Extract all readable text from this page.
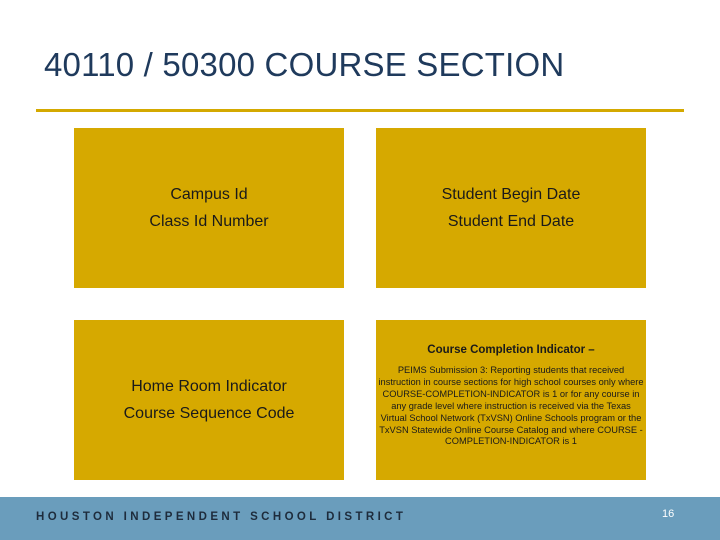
40110 / 50300 COURSE SECTION
Campus Id
Class Id Number
Student Begin Date
Student End Date
Home Room Indicator
Course Sequence Code
Course Completion Indicator –
PEIMS Submission 3: Reporting students that received instruction in course sections for high school courses only where COURSE-COMPLETION-INDICATOR is 1 or for any course in any grade level where instruction is received via the Texas Virtual School Network (TxVSN) Online Schools program or the TxVSN Statewide Online Course Catalog and where COURSE -COMPLETION-INDICATOR is 1
HOUSTON INDEPENDENT SCHOOL DISTRICT	16
